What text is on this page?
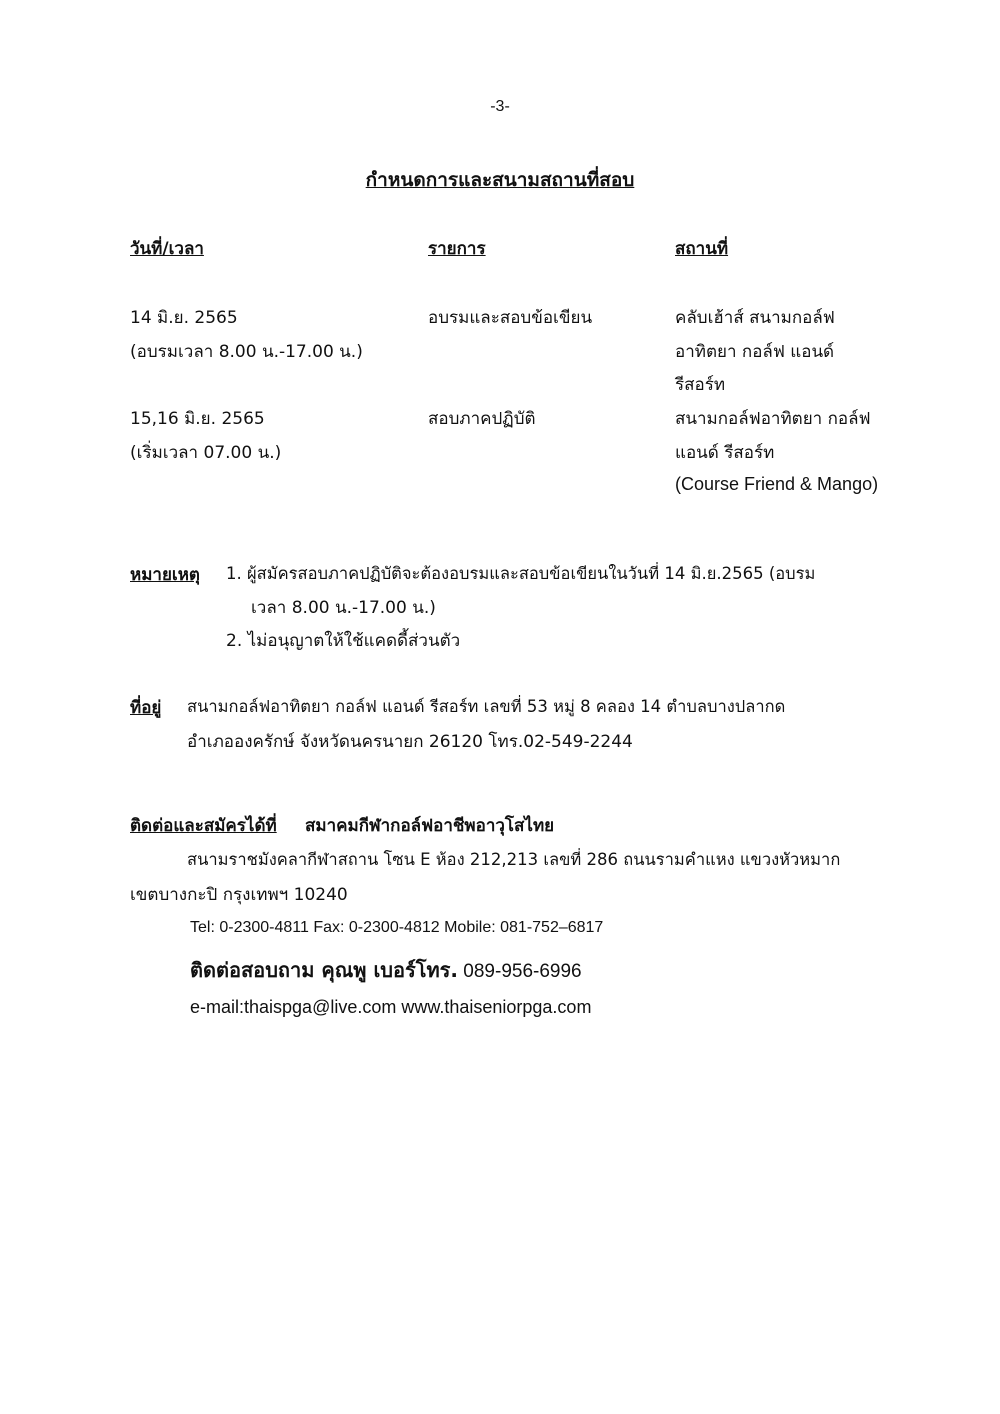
-3-
กำหนดการและสนามสถานที่สอบ
วันที่/เวลา	รายการ	สถานที่
14 มิ.ย. 2565
(อบรมเวลา 8.00 น.-17.00 น.)
อบรมและสอบข้อเขียน	คลับเฮ้าส์ สนามกอล์ฟ
อาทิตยา กอล์ฟ แอนด์
รีสอร์ท
15,16 มิ.ย. 2565
(เริ่มเวลา 07.00 น.)
สอบภาคปฏิบัติ	สนามกอล์ฟอาทิตยา กอล์ฟ
แอนด์ รีสอร์ท
(Course Friend & Mango)
หมายเหตุ 1. ผู้สมัครสอบภาคปฏิบัติจะต้องอบรมและสอบข้อเขียนในวันที่ 14 มิ.ย.2565 (อบรม
เวลา 8.00 น.-17.00 น.)
2. ไม่อนุญาตให้ใช้แคดดี้ส่วนตัว
ที่อยู่ สนามกอล์ฟอาทิตยา กอล์ฟ แอนด์ รีสอร์ท เลขที่ 53 หมู่ 8 คลอง 14 ตำบลบางปลากด
อำเภอองครักษ์ จังหวัดนครนายก 26120 โทร.02-549-2244
ติดต่อและสมัครได้ที่ สมาคมกีฬากอล์ฟอาชีพอาวุโสไทย
สนามราชมังคลากีฬาสถาน โซน E ห้อง 212,213 เลขที่ 286 ถนนรามคำแหง แขวงหัวหมาก
เขตบางกะปิ กรุงเทพฯ 10240
Tel: 0-2300-4811 Fax: 0-2300-4812 Mobile: 081-752–6817
ติดต่อสอบถาม คุณพู เบอร์โทร. 089-956-6996
e-mail:thaispga@live.com www.thaiseniorpga.com
